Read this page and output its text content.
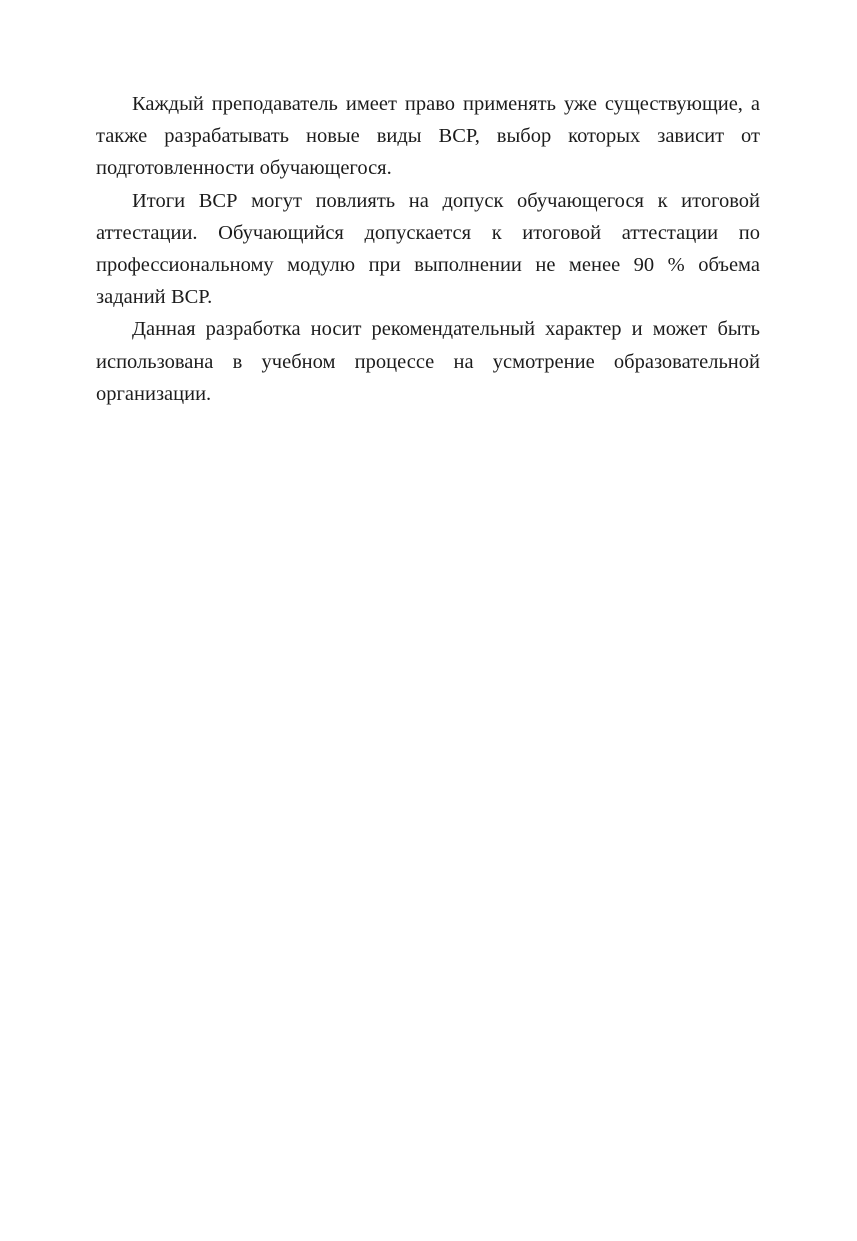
Каждый преподаватель имеет право применять уже существующие, а также разрабатывать новые виды ВСР, выбор которых зависит от подготовленности обучающегося.

Итоги ВСР могут повлиять на допуск обучающегося к итоговой аттестации. Обучающийся допускается к итоговой аттестации по профессиональному модулю при выполнении не менее 90 % объема заданий ВСР.

Данная разработка носит рекомендательный характер и может быть использована в учебном процессе на усмотрение образовательной организации.
